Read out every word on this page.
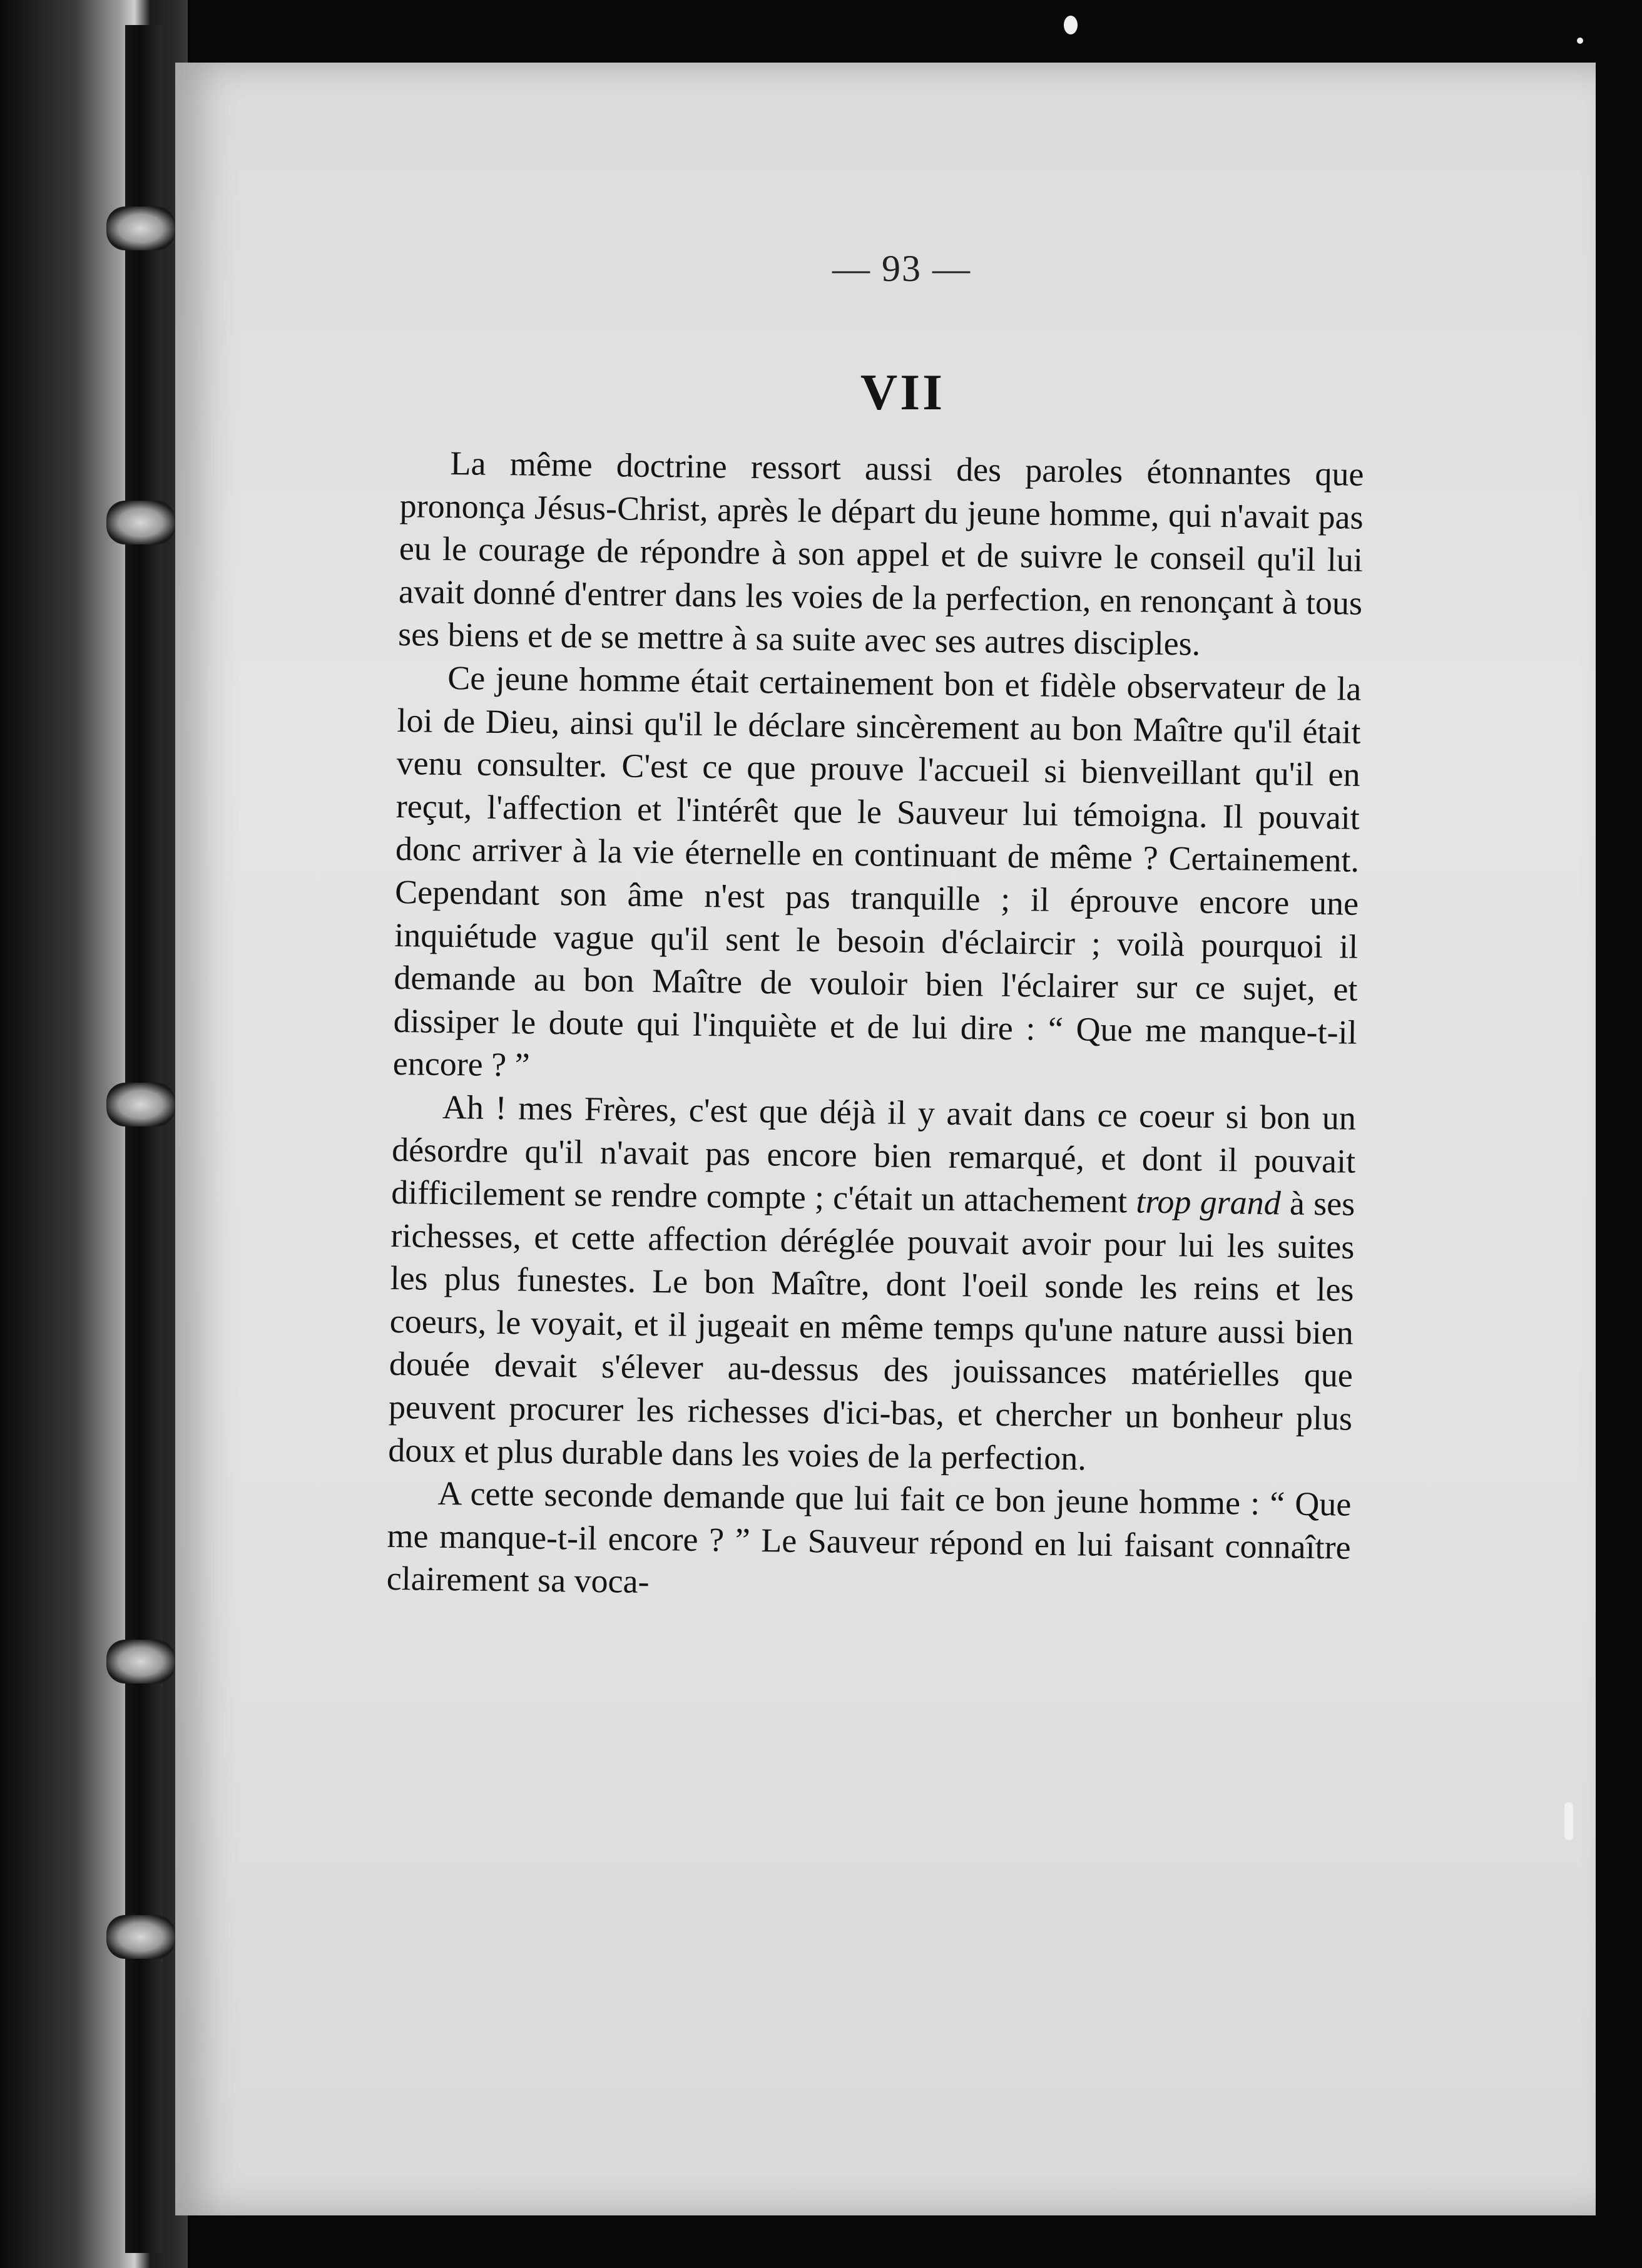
— 93 —
VII

La même doctrine ressort aussi des paroles étonnantes que prononça Jésus-Christ, après le départ du jeune homme, qui n'avait pas eu le courage de répondre à son appel et de suivre le conseil qu'il lui avait donné d'entrer dans les voies de la perfection, en renonçant à tous ses biens et de se mettre à sa suite avec ses autres disciples.

Ce jeune homme était certainement bon et fidèle observateur de la loi de Dieu, ainsi qu'il le déclare sincèrement au bon Maître qu'il était venu consulter. C'est ce que prouve l'accueil si bienveillant qu'il en reçut, l'affection et l'intérêt que le Sauveur lui témoigna. Il pouvait donc arriver à la vie éternelle en continuant de même ? Certainement. Cependant son âme n'est pas tranquille ; il éprouve encore une inquiétude vague qu'il sent le besoin d'éclaircir ; voilà pourquoi il demande au bon Maître de vouloir bien l'éclairer sur ce sujet, et dissiper le doute qui l'inquiète et de lui dire : “ Que me manque-t-il encore ? ”

Ah ! mes Frères, c'est que déjà il y avait dans ce coeur si bon un désordre qu'il n'avait pas encore bien remarqué, et dont il pouvait difficilement se rendre compte ; c'était un attachement trop grand à ses richesses, et cette affection déréglée pouvait avoir pour lui les suites les plus funestes. Le bon Maître, dont l'oeil sonde les reins et les coeurs, le voyait, et il jugeait en même temps qu'une nature aussi bien douée devait s'élever au-dessus des jouissances matérielles que peuvent procurer les richesses d'ici-bas, et chercher un bonheur plus doux et plus durable dans les voies de la perfection.

A cette seconde demande que lui fait ce bon jeune homme : “ Que me manque-t-il encore ? ” Le Sauveur répond en lui faisant connaître clairement sa voca-
